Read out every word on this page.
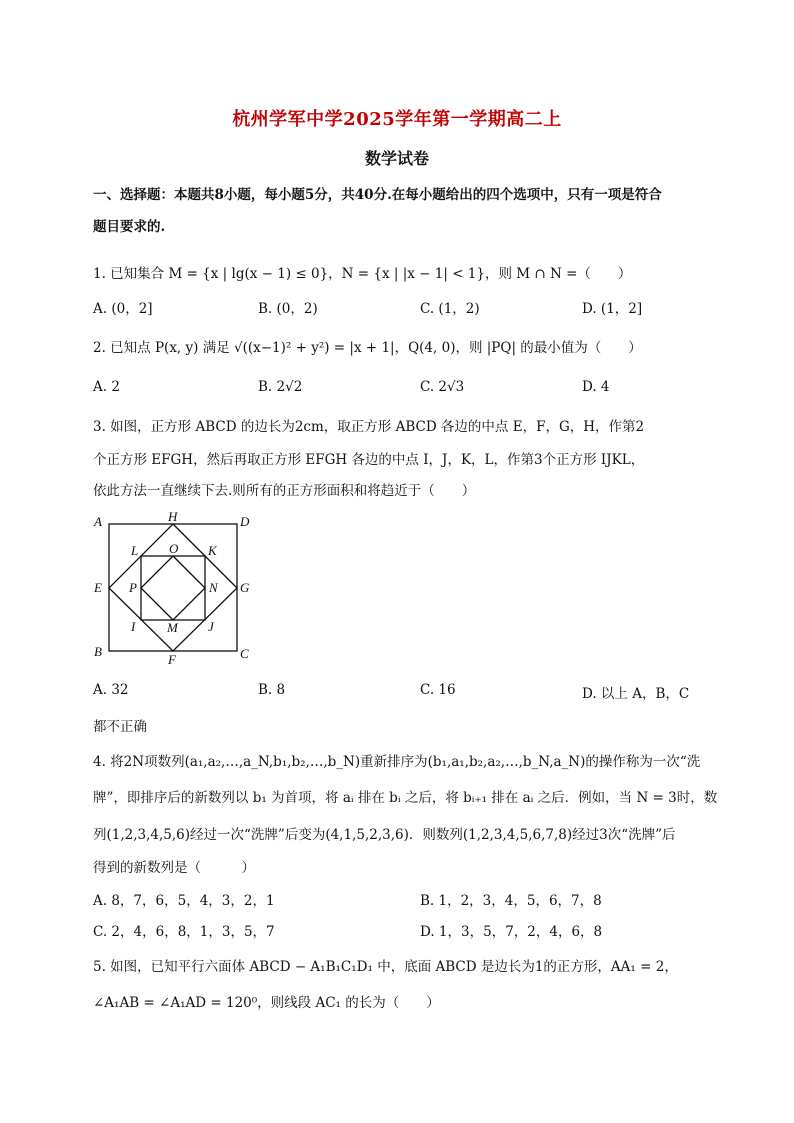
杭州学军中学2025学年第一学期高二上
数学试卷
一、选择题：本题共8小题，每小题5分，共40分.在每小题给出的四个选项中，只有一项是符合
题目要求的.
1. 已知集合 M = {x | lg(x − 1) ≤ 0}，N = {x | |x − 1| < 1}，则 M ∩ N =（　　）
A. (0，2]	B. (0，2)	C. (1，2)	D. (1，2]
2. 已知点 P(x, y) 满足 √((x−1)² + y²) = |x + 1|，Q(4, 0)，则 |PQ| 的最小值为（　　）
A. 2	B. 2√2	C. 2√3	D. 4
3. 如图，正方形 ABCD 的边长为2cm，取正方形 ABCD 各边的中点 E，F，G，H，作第2
个正方形 EFGH，然后再取正方形 EFGH 各边的中点 I，J，K，L，作第3个正方形 IJKL，
依此方法一直继续下去.则所有的正方形面积和将趋近于（　　）
A	D
H
B	C
F
E	G
L	K
I	J
O
M
P	N
A. 32	B. 8	C. 16	D. 以上 A，B，C
都不正确
4. 将2N项数列(a₁,a₂,…,a_N,b₁,b₂,…,b_N)重新排序为(b₁,a₁,b₂,a₂,…,b_N,a_N)的操作称为一次“洗
牌”，即排序后的新数列以 b₁ 为首项，将 aᵢ 排在 bᵢ 之后，将 bᵢ₊₁ 排在 aᵢ 之后．例如，当 N = 3时，数
列(1,2,3,4,5,6)经过一次“洗牌”后变为(4,1,5,2,3,6)．则数列(1,2,3,4,5,6,7,8)经过3次“洗牌”后
得到的新数列是（　　　）
A. 8，7，6，5，4，3，2，1	B. 1，2，3，4，5，6，7，8
C. 2，4，6，8，1，3，5，7	D. 1，3，5，7，2，4，6，8
5. 如图，已知平行六面体 ABCD − A₁B₁C₁D₁ 中，底面 ABCD 是边长为1的正方形，AA₁ = 2，
∠A₁AB = ∠A₁AD = 120⁰，则线段 AC₁ 的长为（　　）
